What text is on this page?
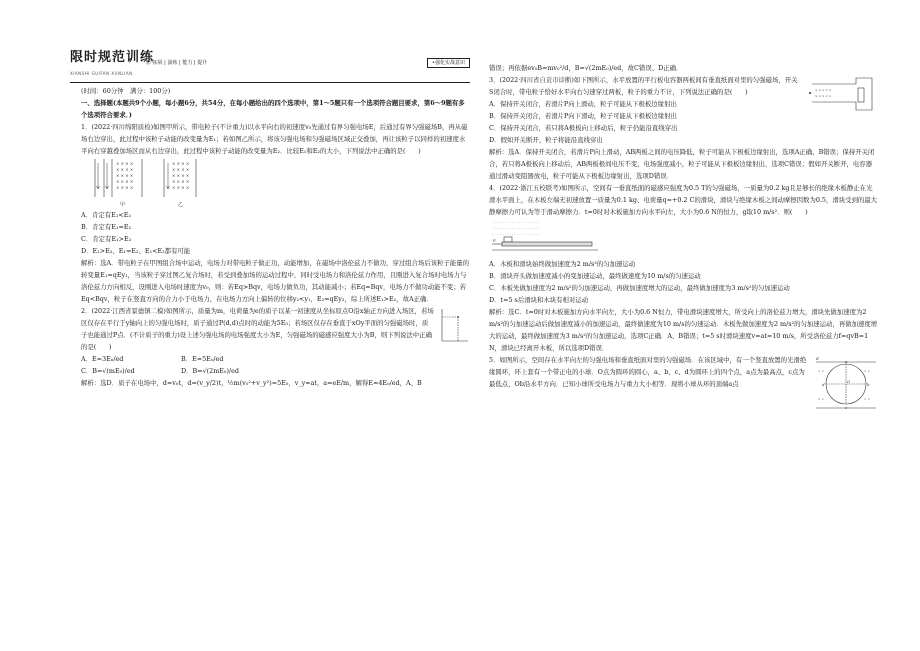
限时规范训练
XIANSHI GUIFAN XUNLIAN
㊣ 拓展 | 演练 | 能力 | 提升	•强化实战意识

(时间：60分钟　满分：100分)

一、选择题(本题共9个小题，每小题6分，共54分，在每小题给出的四个选项中，第1～5题只有一个选项符合题目要求，第6～9题有多个选项符合要求．)

1．(2022·四川绵阳质检)如图甲所示，带电粒子(不计重力)以水平向右的初速度v₀先通过有界匀强电场E，后通过有界匀强磁场B，再从磁场右边穿出，此过程中该粒子动能的改变量为E₁；若如图乙所示，将该匀强电场和匀强磁场区域正交叠加，再让该粒子以同样的初速度水平向右穿越叠加场区而从右边穿出，此过程中该粒子动能的改变量为E₂．比较E₁和E₂的大小，下列说法中正确的是(　　)

× × × ×
× × × ×
× × × ×
× × × ×
× × × ×
× × × ×
× × × ×
× × × ×
× × × ×
× × × ×
甲	乙

A．肯定有E₁<E₂

B．肯定有E₁=E₂

C．肯定有E₁>E₂

D．E₁>E₂、E₁=E₂、E₁<E₂都有可能

解析：选A．带电粒子在甲图组合场中运动，电场力对带电粒子做正功，动能增加，在磁场中洛伦兹力不做功，穿过组合场后该粒子能量的转变量E₁=qEy₁，当该粒子穿过图乙复合场时，若受到叠加场的运动过程中，同时受电场力和洛伦兹力作用，且刚进入复合场时电场力与洛伦兹力方向相反，设刚进入电场时速度为v₀，则：若Eq>Bqv，电场力做负功，其动能减小；若Eq=Bqv，电场力不做功动能不变；若Eq<Bqv，粒子在竖直方向的合力小于电场力，在电场力方向上偏转的位移y₂<y₁，E₂=qEy₂，综上所述E₁>E₂，故A正确．

2．(2022·江西省景德镇二模)如图所示，质量为m，电荷量为e的质子以某一初速度从坐标原点O沿x轴正方向进入场区，若场区仅存在平行于y轴向上的匀强电场时，质子通过P(d,d)点时的动能为5E₀；若场区仅存在垂直于xOy平面的匀强磁场时，质子也能通过P点．(不计质子的重力)设上述匀强电场的电场强度大小为E，匀强磁场的磁感应强度大小为B，则下列说法中正确的是(　　)

A．E=3E₀/ed	B．E=5E₀/ed
C．B=√(mE₀)/ed	D．B=√(2mE₀)/ed

解析：选D．质子在电场中，d=v₀t，d=(v_y/2)t，½m(v₀²+v_y²)=5E₀，v_y=at，a=eE/m，解得E=4E₀/ed，A、B

错误；再依据ev₀B=mv₀²/d，B=√(2mE₀)/ed，故C错误、D正确．

3．(2022·四川省自贡市诊断)如下图所示，水平放置的平行板电容器两板间有垂直纸面对里的匀强磁场，开关S闭合时，带电粒子恰好水平向右匀速穿过两板，粒子的重力不计，下列说法正确的是(　　)	× × × × ×
× × × × ×

A．保持开关闭合，若滑片P向上滑动，粒子可能从下极板边缘射出

B．保持开关闭合，若滑片P向下滑动，粒子可能从下极板边缘射出

C．保持开关闭合，若只将A极板向上移动后，粒子仍能沿直线穿出

D．假如开关断开，粒子将能沿直线穿出

解析：选A．保持开关闭合，若滑片P向上滑动，AB两板之间的电压降低，粒子可能从下极板边缘射出，选项A正确、B错误；保持开关闭合，若只将A极板向上移动后，AB两板极间电压不变，电场强度减小，粒子可能从下极板边缘射出，选项C错误；假如开关断开，电容器通过滑动变阻器放电，粒子可能从下极板边缘射出，选项D错误．

4．(2022·浙江五校联考)如图所示，空间有一垂直纸面的磁感应强度为0.5 T的匀强磁场，一质量为0.2 kg且足够长的绝缘木板静止在光滑水平面上，在木板左端无初速放置一质量为0.1 kg、电荷量q=+0.2 C的滑块，滑块与绝缘木板之间动摩擦因数为0.5，滑块受到的最大静摩擦力可认为等于滑动摩擦力．t=0时对木板施加方向水平向左，大小为0.6 N的恒力，g取10 m/s²．则(　　)

· · · · · · · · · · · · · · · · · · · · · ·
· · · · · · · · · · · · · · · · · · · · · ·
· · · · · · · · · · · · · · · · · · · · · ·
F

A．木板和滑块始终做加速度为2 m/s²的匀加速运动

B．滑块开头做加速度减小的变加速运动，最终做速度为10 m/s的匀速运动

C．木板先做加速度为2 m/s²的匀加速运动，再做加速度增大的运动，最终做加速度为3 m/s²的匀加速运动

D．t=5 s后滑块和木块有相对运动

解析：选C．t=0时对木板施加方向水平向左，大小为0.6 N恒力，带电滑块速度增大，所受向上的洛伦兹力增大，滑块先做加速度为2 m/s²的匀加速运动后做加速度减小的加速运动，最终做速度为10 m/s的匀速运动．木板先做加速度为2 m/s²的匀加速运动，再做加速度增大的运动，最终做加速度为3 m/s²的匀加速运动，选项C正确．A、B错误；t=5 s时滑块速度v=at=10 m/s，所受洛伦兹力f=qvB=1 N，滑块已经离开木板，所以选项D错误．

5．如图所示，空间存在水平向左的匀强电场和垂直纸面对里的匀强磁场．在该区域中，有一个竖直放置的光滑绝缘圆环，环上套有一个带正电的小球．O点为圆环的圆心，a、b、c、d为圆环上的四个点，a点为最高点，c点为最低点，Ob沿水平方向．已知小球所受电场力与重力大小相等．现将小球从环的顶端a点

× ×	× ×
× ×	× ×
a
b
c
d
O
E
